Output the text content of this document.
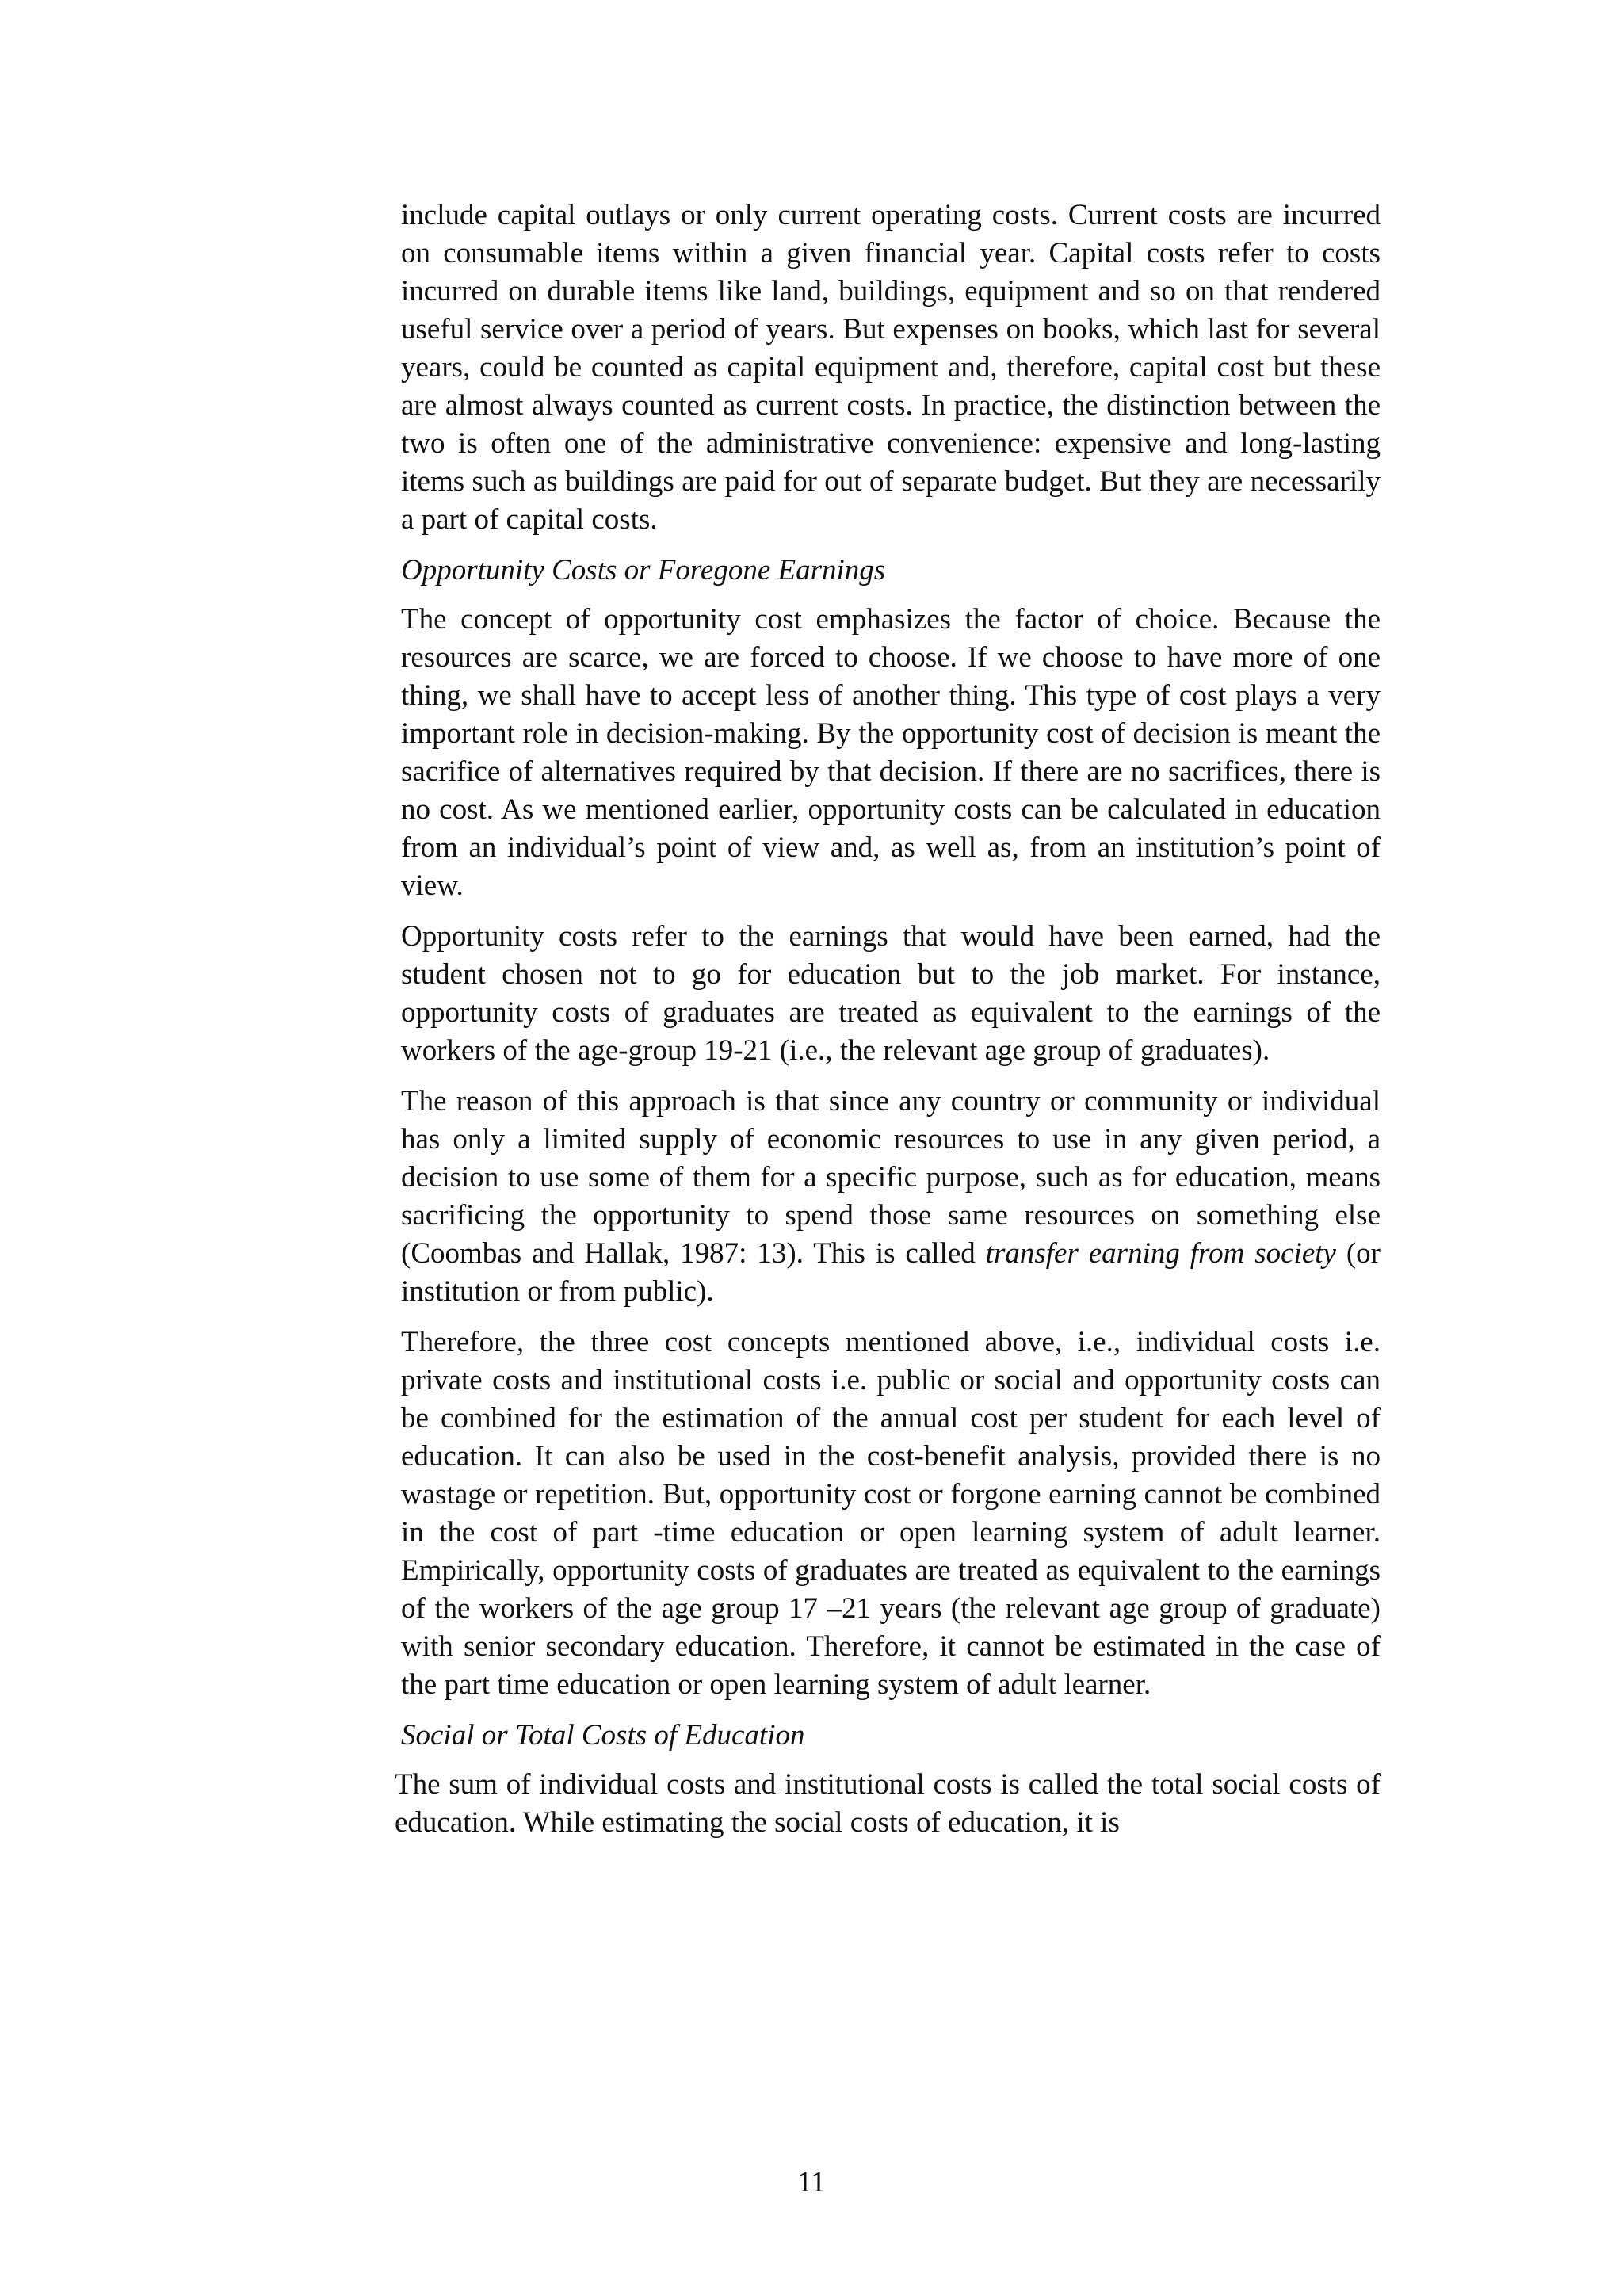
include capital outlays or only current operating costs. Current costs are incurred on consumable items within a given financial year. Capital costs refer to costs incurred on durable items like land, buildings, equipment and so on that rendered useful service over a period of years. But expenses on books, which last for several years, could be counted as capital equipment and, therefore, capital cost but these are almost always counted as current costs. In practice, the distinction between the two is often one of the administrative convenience: expensive and long-lasting items such as buildings are paid for out of separate budget. But they are necessarily a part of capital costs.

Opportunity Costs or Foregone Earnings

The concept of opportunity cost emphasizes the factor of choice. Because the resources are scarce, we are forced to choose. If we choose to have more of one thing, we shall have to accept less of another thing. This type of cost plays a very important role in decision-making. By the opportunity cost of decision is meant the sacrifice of alternatives required by that decision. If there are no sacrifices, there is no cost. As we mentioned earlier, opportunity costs can be calculated in education from an individual’s point of view and, as well as, from an institution’s point of view.

Opportunity costs refer to the earnings that would have been earned, had the student chosen not to go for education but to the job market. For instance, opportunity costs of graduates are treated as equivalent to the earnings of the workers of the age-group 19-21 (i.e., the relevant age group of graduates).

The reason of this approach is that since any country or community or individual has only a limited supply of economic resources to use in any given period, a decision to use some of them for a specific purpose, such as for education, means sacrificing the opportunity to spend those same resources on something else (Coombas and Hallak, 1987: 13). This is called transfer earning from society (or institution or from public).

Therefore, the three cost concepts mentioned above, i.e., individual costs i.e. private costs and institutional costs i.e. public or social and opportunity costs can be combined for the estimation of the annual cost per student for each level of education. It can also be used in the cost-benefit analysis, provided there is no wastage or repetition. But, opportunity cost or forgone earning cannot be combined in the cost of part -time education or open learning system of adult learner. Empirically, opportunity costs of graduates are treated as equivalent to the earnings of the workers of the age group 17 –21 years (the relevant age group of graduate) with senior secondary education. Therefore, it cannot be estimated in the case of the part time education or open learning system of adult learner.

Social or Total Costs of Education

The sum of individual costs and institutional costs is called the total social costs of education. While estimating the social costs of education, it is

11
